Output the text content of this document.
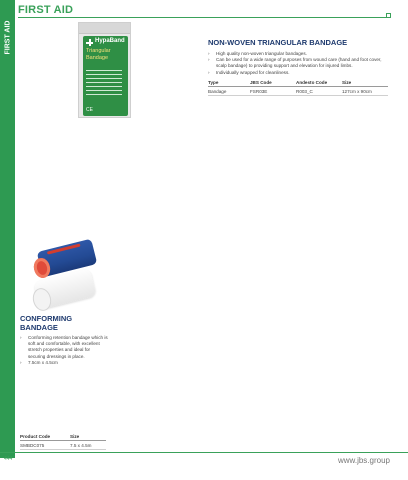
FIRST AID
FIRST AID
HypaBand
Triangular
Bandage
CE
NON-WOVEN TRIANGULAR BANDAGE
› High quality non-woven triangular bandages.
› Can be used for a wide range of purposes from wound care (hand and foot cover, scalp bandage) to providing support and elevation for injured limbs.
› Individually wrapped for cleanliness.
Type	JBS Code	Andesto Code	Size
Bandage	FSR03E	R003_C	127cm x 90cm
CONFORMING BANDAGE
› Conforming retention bandage which is soft and comfortable, with excellent stretch properties and ideal for securing dressings in place.
› 7.5cm x 4.5cm
Product Code	Size
SMBDC075	7.5 x 4.5m
444	www.jbs.group
